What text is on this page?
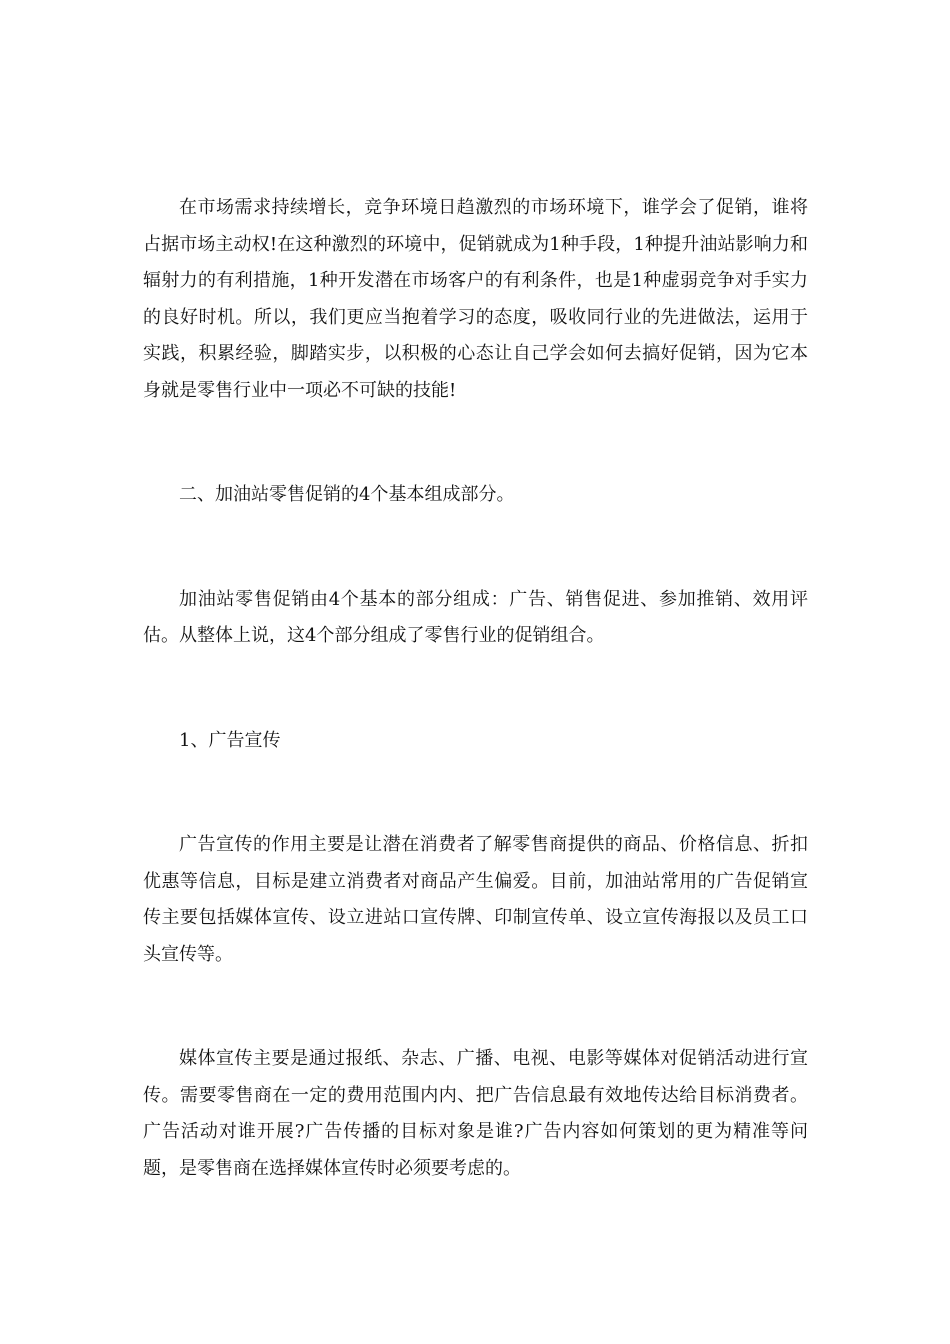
在市场需求持续增长，竞争环境日趋激烈的市场环境下，谁学会了促销，谁将占据市场主动权!在这种激烈的环境中，促销就成为1种手段，1种提升油站影响力和辐射力的有利措施，1种开发潜在市场客户的有利条件，也是1种虚弱竞争对手实力的良好时机。所以，我们更应当抱着学习的态度，吸收同行业的先进做法，运用于实践，积累经验，脚踏实步，以积极的心态让自己学会如何去搞好促销，因为它本身就是零售行业中一项必不可缺的技能!

二、加油站零售促销的4个基本组成部分。

加油站零售促销由4个基本的部分组成：广告、销售促进、参加推销、效用评估。从整体上说，这4个部分组成了零售行业的促销组合。

1、广告宣传

广告宣传的作用主要是让潜在消费者了解零售商提供的商品、价格信息、折扣优惠等信息，目标是建立消费者对商品产生偏爱。目前，加油站常用的广告促销宣传主要包括媒体宣传、设立进站口宣传牌、印制宣传单、设立宣传海报以及员工口头宣传等。

媒体宣传主要是通过报纸、杂志、广播、电视、电影等媒体对促销活动进行宣传。需要零售商在一定的费用范围内内、把广告信息最有效地传达给目标消费者。广告活动对谁开展?广告传播的目标对象是谁?广告内容如何策划的更为精准等问题，是零售商在选择媒体宣传时必须要考虑的。
